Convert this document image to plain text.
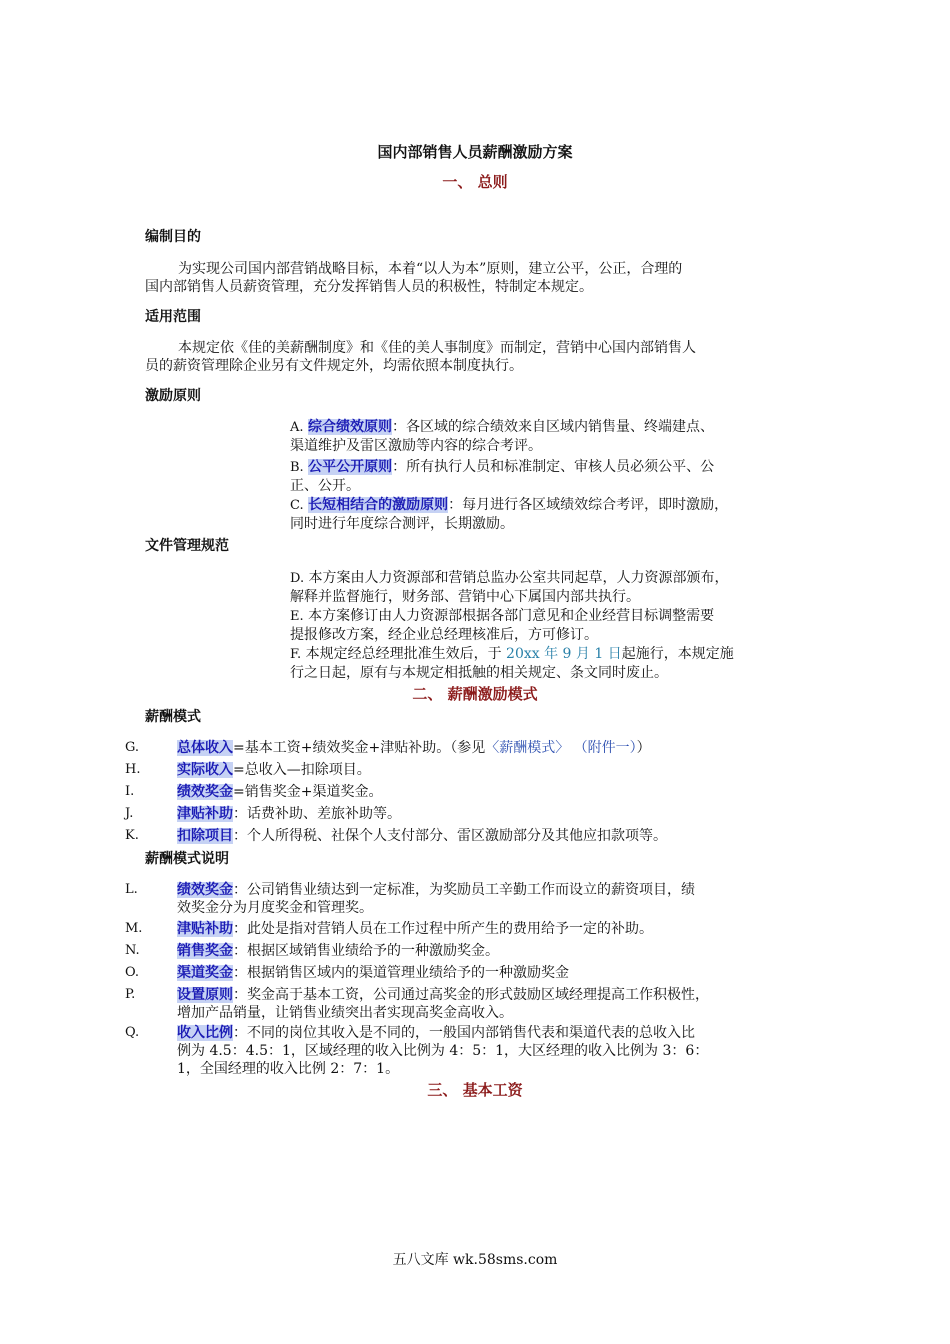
国内部销售人员薪酬激励方案
一、 总则
编制目的

为实现公司国内部营销战略目标，本着“以人为本”原则，建立公平，公正，合理的

国内部销售人员薪资管理，充分发挥销售人员的积极性，特制定本规定。

适用范围

本规定依《佳的美薪酬制度》和《佳的美人事制度》而制定，营销中心国内部销售人

员的薪资管理除企业另有文件规定外，均需依照本制度执行。

激励原则
A. 综合绩效原则：各区域的综合绩效来自区域内销售量、终端建点、
渠道维护及雷区激励等内容的综合考评。
B. 公平公开原则：所有执行人员和标准制定、审核人员必须公平、公
正、公开。
C. 长短相结合的激励原则：每月进行各区域绩效综合考评，即时激励，
同时进行年度综合测评，长期激励。
文件管理规范
D. 本方案由人力资源部和营销总监办公室共同起草，人力资源部颁布，
解释并监督施行，财务部、营销中心下属国内部共执行。
E. 本方案修订由人力资源部根据各部门意见和企业经营目标调整需要
提报修改方案，经企业总经理核准后，方可修订。
F. 本规定经总经理批准生效后，于 20xx 年 9 月 1 日起施行，本规定施
行之日起，原有与本规定相抵触的相关规定、条文同时废止。
二、 薪酬激励模式
薪酬模式
G.	总体收入=基本工资+绩效奖金+津贴补助。（参见〈薪酬模式〉 （附件一））
H.	实际收入=总收入—扣除项目。
I.	绩效奖金=销售奖金+渠道奖金。
J.	津贴补助：话费补助、差旅补助等。
K.	扣除项目：个人所得税、社保个人支付部分、雷区激励部分及其他应扣款项等。
薪酬模式说明
L.	绩效奖金：公司销售业绩达到一定标准，为奖励员工辛勤工作而设立的薪资项目，绩
效奖金分为月度奖金和管理奖。
M. 津贴补助：此处是指对营销人员在工作过程中所产生的费用给予一定的补助。
N.	销售奖金：根据区域销售业绩给予的一种激励奖金。
O.	渠道奖金：根据销售区域内的渠道管理业绩给予的一种激励奖金
P.	设置原则：奖金高于基本工资，公司通过高奖金的形式鼓励区域经理提高工作积极性，
增加产品销量，让销售业绩突出者实现高奖金高收入。
Q.	收入比例：不同的岗位其收入是不同的，一般国内部销售代表和渠道代表的总收入比
例为 4.5：4.5：1，区域经理的收入比例为 4：5：1，大区经理的收入比例为 3：6：
1，全国经理的收入比例 2：7：1。
三、 基本工资
五八文库 wk.58sms.com
